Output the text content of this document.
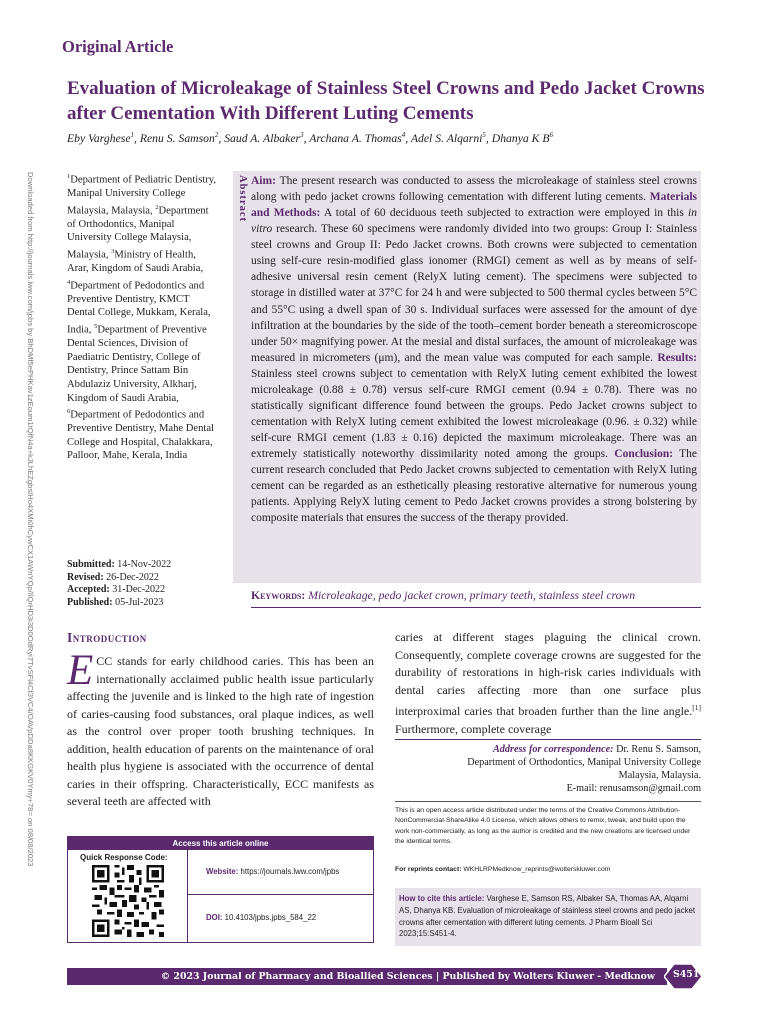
Original Article
Evaluation of Microleakage of Stainless Steel Crowns and Pedo Jacket Crowns after Cementation With Different Luting Cements
Eby Varghese$^1$, Renu S. Samson$^2$, Saud A. Albaker$^3$, Archana A. Thomas$^4$, Adel S. Alqarni$^5$, Dhanya K $B^6$
Downloaded from http://journals.lww.com/jpbs by BhDMf5ePHKav1zEoum1tQfN4a+kJLhEZgbsIHo4XMi0hCywCX1AWnYQp/IlQrHD3i3D0OdRyi7TvSFl4Cf3VC4/OAVpDDa8KKGKV0Ymy+78= on 08/08/2023	$^1$Department of Pediatric Dentistry, Manipal University College Malaysia, Malaysia, $^2$Department of Orthodontics, Manipal University College Malaysia, Malaysia, $^3$Ministry of Health, Arar, Kingdom of Saudi Arabia, $^4$Department of Pedodontics and Preventive Dentistry, KMCT Dental College, Mukkam, Kerala, India, $^5$Department of Preventive Dental Sciences, Division of Paediatric Dentistry, College of Dentistry, Prince Sattam Bin Abdulaziz University, Alkharj, Kingdom of Saudi Arabia, $^6$Department of Pedodontics and Preventive Dentistry, Mahe Dental College and Hospital, Chalakkara, Palloor, Mahe, Kerala, India
Submitted: 14-Nov-2022
Revised: 26-Dec-2022
Accepted: 31-Dec-2022
Published: 05-Jul-2023
Abstract Aim: The present research was conducted to assess the microleakage of stainless steel crowns along with pedo jacket crowns following cementation with different luting cements. Materials and Methods: A total of 60 deciduous teeth subjected to extraction were employed in this in vitro research. These 60 specimens were randomly divided into two groups: Group I: Stainless steel crowns and Group II: Pedo Jacket crowns. Both crowns were subjected to cementation using self-cure resin-modified glass ionomer (RMGI) cement as well as by means of self-adhesive universal resin cement (RelyX luting cement). The specimens were subjected to storage in distilled water at 37°C for 24 h and were subjected to 500 thermal cycles between 5°C and 55°C using a dwell span of 30 s. Individual surfaces were assessed for the amount of dye infiltration at the boundaries by the side of the tooth–cement border beneath a stereomicroscope under 50× magnifying power. At the mesial and distal surfaces, the amount of microleakage was measured in micrometers (μm), and the mean value was computed for each sample. Results: Stainless steel crowns subject to cementation with RelyX luting cement exhibited the lowest microleakage (0.88 ± 0.78) versus self-cure RMGI cement (0.94 ± 0.78). There was no statistically significant difference found between the groups. Pedo Jacket crowns subject to cementation with RelyX luting cement exhibited the lowest microleakage (0.96. ± 0.32) while self-cure RMGI cement (1.83 ± 0.16) depicted the maximum microleakage. There was an extremely statistically noteworthy dissimilarity noted among the groups. Conclusion: The current research concluded that Pedo Jacket crowns subjected to cementation with RelyX luting cement can be regarded as an esthetically pleasing restorative alternative for numerous young patients. Applying RelyX luting cement to Pedo Jacket crowns provides a strong bolstering by composite materials that ensures the success of the therapy provided.
Keywords: Microleakage, pedo jacket crown, primary teeth, stainless steel crown
Introduction
ECC stands for early childhood caries. This has been an internationally acclaimed public health issue particularly affecting the juvenile and is linked to the high rate of ingestion of caries-causing food substances, oral plaque indices, as well as the control over proper tooth brushing techniques. In addition, health education of parents on the maintenance of oral health plus hygiene is associated with the occurrence of dental caries in their offspring. Characteristically, ECC manifests as several teeth are affected with
caries at different stages plaguing the clinical crown. Consequently, complete coverage crowns are suggested for the durability of restorations in high-risk caries individuals with dental caries affecting more than one surface plus interproximal caries that broaden further than the line angle.[1] Furthermore, complete coverage
Address for correspondence: Dr. Renu S. Samson,
Department of Orthodontics, Manipal University College
Malaysia, Malaysia.
E-mail: renusamson@gmail.com
This is an open access article distributed under the terms of the Creative Commons Attribution-NonCommercial-ShareAlike 4.0 License, which allows others to remix, tweak, and build upon the work non-commercially, as long as the author is credited and the new creations are licensed under the identical terms.
For reprints contact: WKHLRPMedknow_reprints@wolterskluwer.com
How to cite this article: Varghese E, Samson RS, Albaker SA, Thomas AA, Alqarni AS, Dhanya KB. Evaluation of microleakage of stainless steel crowns and pedo jacket crowns after cementation with different luting cements. J Pharm Bioall Sci 2023;15:S451-4.
Access this article online
Quick Response Code:
Website: https://journals.lww.com/jpbs
DOI: 10.4103/jpbs.jpbs_584_22
© 2023 Journal of Pharmacy and Bioallied Sciences | Published by Wolters Kluwer - Medknow	S451
